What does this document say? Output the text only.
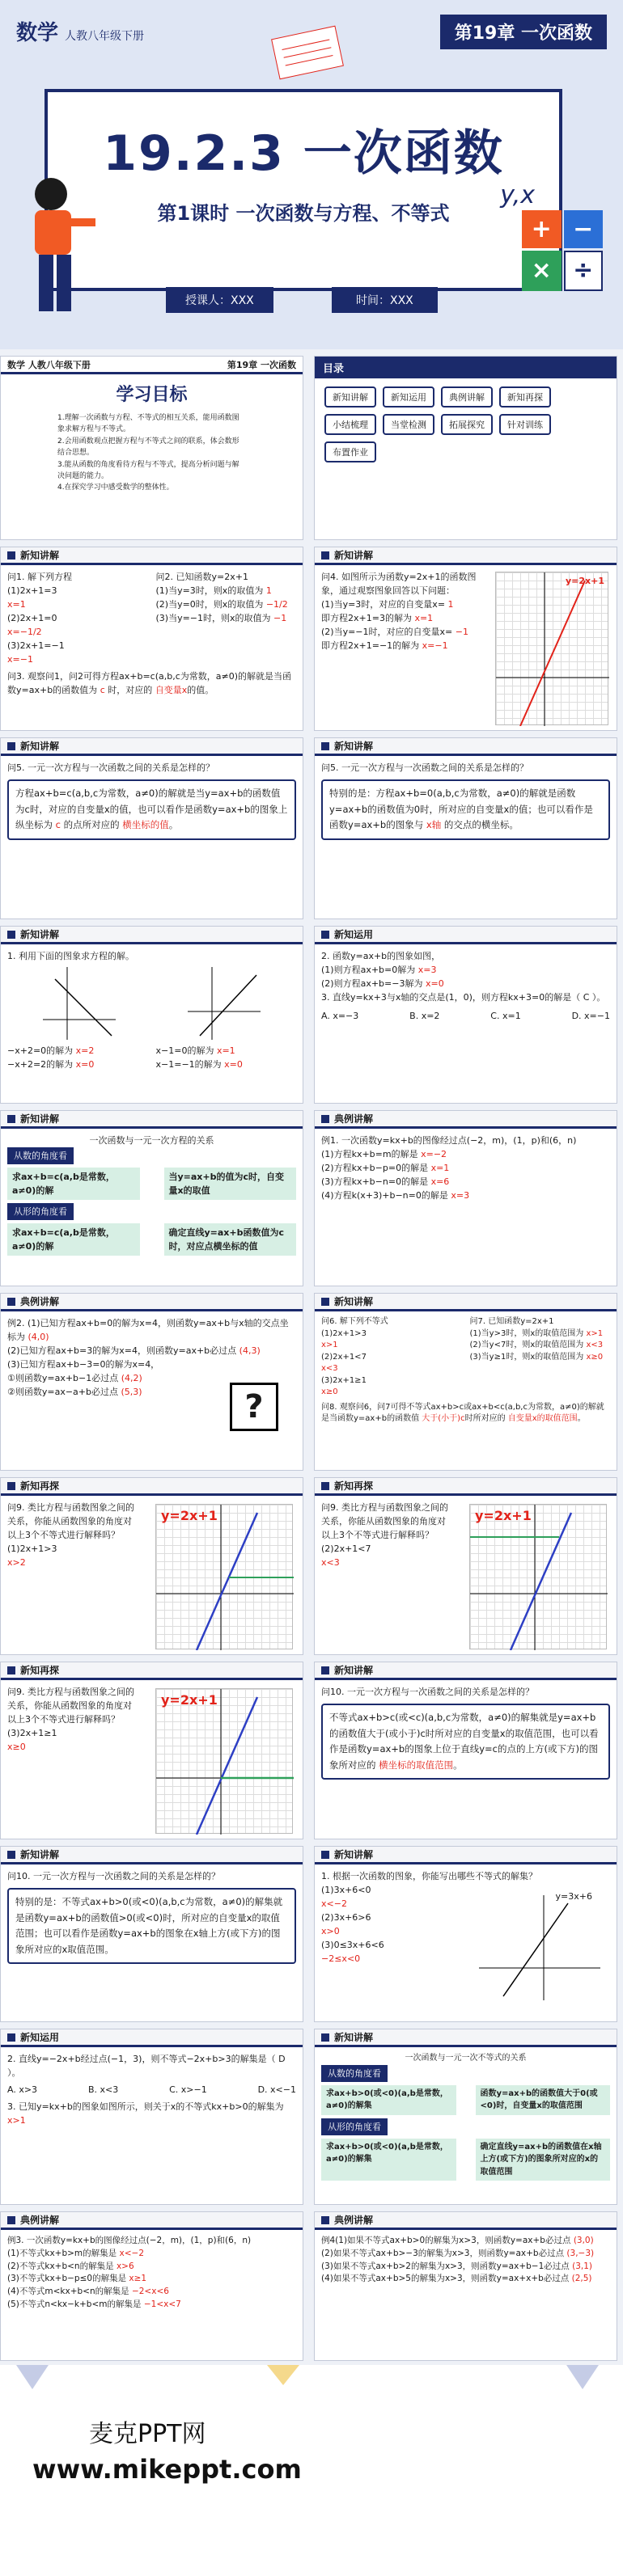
数学 人教八年级下册	第19章 一次函数
19.2.3 一次函数
第1课时 一次函数与方程、不等式
y,x
授课人：XXX	时间：XXX
+ −
× ÷
数学 人教八年级下册	第19章 一次函数
学习目标
1.理解一次函数与方程、不等式的相互关系，能用函数图象求解方程与不等式。
2.会用函数观点把握方程与不等式之间的联系，体会数形结合思想。
3.能从函数的角度看待方程与不等式，提高分析问题与解决问题的能力。
4.在探究学习中感受数学的整体性。
目录
新知讲解	新知运用	典例讲解	新知再探
小结梳理	当堂检测	拓展探究	针对训练
布置作业
新知讲解
问1. 解下列方程
(1)2x+1=3
x=1
(2)2x+1=0
x=−1/2
(3)2x+1=−1
x=−1
问2. 已知函数y=2x+1
(1)当y=3时，则x的取值为 1
(2)当y=0时，则x的取值为 −1/2
(3)当y=−1时，则x的取值为 −1
问3. 观察问1，问2可得方程ax+b=c(a,b,c为常数，a≠0)的解就是当函数y=ax+b的函数值为 c 时，对应的 自变量x的值。
新知讲解
问4. 如图所示为函数y=2x+1的函数图象，通过观察图象回答以下问题：
(1)当y=3时，对应的自变量x= 1
即方程2x+1=3的解为 x=1
(2)当y=−1时，对应的自变量x= −1
即方程2x+1=−1的解为 x=−1
y=2x+1
新知讲解
问5. 一元一次方程与一次函数之间的关系是怎样的？
方程ax+b=c(a,b,c为常数，a≠0)的解就是当y=ax+b的函数值为c时，对应的自变量x的值，也可以看作是函数y=ax+b的图象上纵坐标为 c 的点所对应的 横坐标的值。
新知讲解
问5. 一元一次方程与一次函数之间的关系是怎样的？
特别的是：方程ax+b=0(a,b,c为常数，a≠0)的解就是函数y=ax+b的函数值为0时，所对应的自变量x的值；也可以看作是函数y=ax+b的图象与 x轴 的交点的横坐标。
新知讲解
1. 利用下面的图象求方程的解。
−x+2=0的解为 x=2
−x+2=2的解为 x=0
x−1=0的解为 x=1
x−1=−1的解为 x=0
新知运用
2. 函数y=ax+b的图象如图，
(1)则方程ax+b=0解为 x=3
(2)则方程ax+b=−3解为 x=0
3. 直线y=kx+3与x轴的交点是(1，0)，则方程kx+3=0的解是（ C ）。
A. x=−3	B. x=2	C. x=1	D. x=−1
新知讲解
一次函数与一元一次方程的关系
从数的角度看
求ax+b=c(a,b是常数，a≠0)的解
当y=ax+b的值为c时，自变量x的取值
从形的角度看
求ax+b=c(a,b是常数，a≠0)的解
确定直线y=ax+b函数值为c时，对应点横坐标的值
典例讲解
例1. 一次函数y=kx+b的图像经过点(−2，m)，(1，p)和(6，n)
(1)方程kx+b=m的解是 x=−2
(2)方程kx+b−p=0的解是 x=1
(3)方程kx+b−n=0的解是 x=6
(4)方程k(x+3)+b−n=0的解是 x=3
典例讲解
例2. (1)已知方程ax+b=0的解为x=4，则函数y=ax+b与x轴的交点坐标为 (4,0)
(2)已知方程ax+b=3的解为x=4，则函数y=ax+b必过点 (4,3)
(3)已知方程ax+b−3=0的解为x=4，
①则函数y=ax+b−1必过点 (4,2)
②则函数y=ax−a+b必过点 (5,3)	?
新知讲解
问6. 解下列不等式
(1)2x+1>3
x>1
(2)2x+1<7
x<3
(3)2x+1≥1
x≥0
问7. 已知函数y=2x+1
(1)当y>3时，则x的取值范围为 x>1
(2)当y<7时，则x的取值范围为 x<3
(3)当y≥1时，则x的取值范围为 x≥0
问8. 观察问6，问7可得不等式ax+b>c或ax+b<c(a,b,c为常数，a≠0)的解就是当函数y=ax+b的函数值 大于(小于)c时所对应的 自变量x的取值范围。
新知再探
问9. 类比方程与函数图象之间的关系，你能从函数图象的角度对以上3个不等式进行解释吗？
(1)2x+1>3
x>2
y=2x+1
新知再探
问9. 类比方程与函数图象之间的关系，你能从函数图象的角度对以上3个不等式进行解释吗？
(2)2x+1<7
x<3
y=2x+1
新知再探
问9. 类比方程与函数图象之间的关系，你能从函数图象的角度对以上3个不等式进行解释吗？
(3)2x+1≥1
x≥0
y=2x+1
新知讲解
问10. 一元一次方程与一次函数之间的关系是怎样的？
不等式ax+b>c(或<c)(a,b,c为常数，a≠0)的解集就是y=ax+b的函数值大于(或小于)c时所对应的自变量x的取值范围，也可以看作是函数y=ax+b的图象上位于直线y=c的点的上方(或下方)的图象所对应的 横坐标的取值范围。
新知讲解
问10. 一元一次方程与一次函数之间的关系是怎样的？
特别的是：不等式ax+b>0(或<0)(a,b,c为常数，a≠0)的解集就是函数y=ax+b的函数值>0(或<0)时，所对应的自变量x的取值范围；也可以看作是函数y=ax+b的图象在x轴上方(或下方)的图象所对应的x取值范围。
新知讲解
1. 根据一次函数的图象，你能写出哪些不等式的解集？
(1)3x+6<0
x<−2
(2)3x+6>6
x>0
(3)0≤3x+6<6
−2≤x<0
y=3x+6
新知运用
2. 直线y=−2x+b经过点(−1，3)，则不等式−2x+b>3的解集是（ D ）。
A. x>3	B. x<3	C. x>−1	D. x<−1
3. 已知y=kx+b的图象如图所示，则关于x的不等式kx+b>0的解集为 x>1
新知讲解
一次函数与一元一次不等式的关系
从数的角度看
求ax+b>0(或<0)(a,b是常数，a≠0)的解集
函数y=ax+b的函数值大于0(或<0)时，自变量x的取值范围
从形的角度看
求ax+b>0(或<0)(a,b是常数，a≠0)的解集
确定直线y=ax+b的函数值在x轴上方(或下方)的图象所对应的x的取值范围
典例讲解
例3. 一次函数y=kx+b的图像经过点(−2，m)，(1，p)和(6，n)
(1)不等式kx+b>m的解集是 x<−2
(2)不等式kx+b<n的解集是 x>6
(3)不等式kx+b−p≤0的解集是 x≥1
(4)不等式m<kx+b<n的解集是 −2<x<6
(5)不等式n<kx−k+b<m的解集是 −1<x<7
典例讲解
例4(1)如果不等式ax+b>0的解集为x>3，则函数y=ax+b必过点 (3,0)
(2)如果不等式ax+b>−3的解集为x>3，则函数y=ax+b必过点 (3,−3)
(3)如果不等式ax+b>2的解集为x>3，则函数y=ax+b−1必过点 (3,1)
(4)如果不等式ax+b>5的解集为x>3，则函数y=ax+x+b必过点 (2,5)
麦克PPT网
www.mikeppt.com
